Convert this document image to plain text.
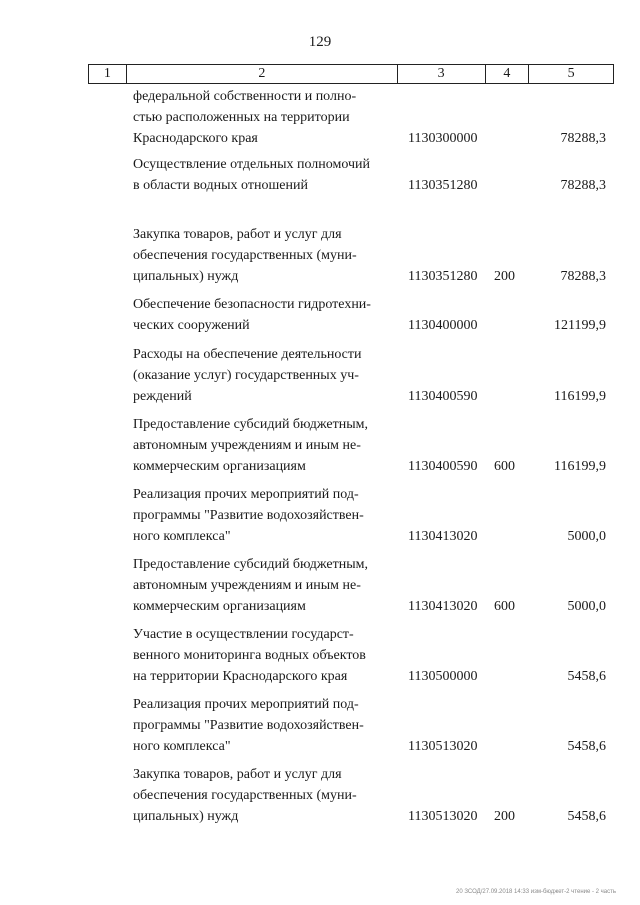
129
1	2	3	4	5
федеральной собственности и полно-
стью расположенных на территории
Краснодарского края	1130300000	78288,3
Осуществление отдельных полномочий
в области водных отношений	1130351280	78288,3
Закупка товаров, работ и услуг для
обеспечения государственных (муни-
ципальных) нужд	1130351280 200	78288,3
Обеспечение безопасности гидротехни-
ческих сооружений	1130400000	121199,9
Расходы на обеспечение деятельности
(оказание услуг) государственных уч-
реждений	1130400590	116199,9
Предоставление субсидий бюджетным,
автономным учреждениям и иным не-
коммерческим организациям	1130400590 600	116199,9
Реализация прочих мероприятий под-
программы "Развитие водохозяйствен-
ного комплекса"	1130413020	5000,0
Предоставление субсидий бюджетным,
автономным учреждениям и иным не-
коммерческим организациям	1130413020 600	5000,0
Участие в осуществлении государст-
венного мониторинга водных объектов
на территории Краснодарского края	1130500000	5458,6
Реализация прочих мероприятий под-
программы "Развитие водохозяйствен-
ного комплекса"	1130513020	5458,6
Закупка товаров, работ и услуг для
обеспечения государственных (муни-
ципальных) нужд	1130513020 200	5458,6
20 ЗСОД/27.09.2018 14:33 изм-бюджет-2 чтение - 2 часть
